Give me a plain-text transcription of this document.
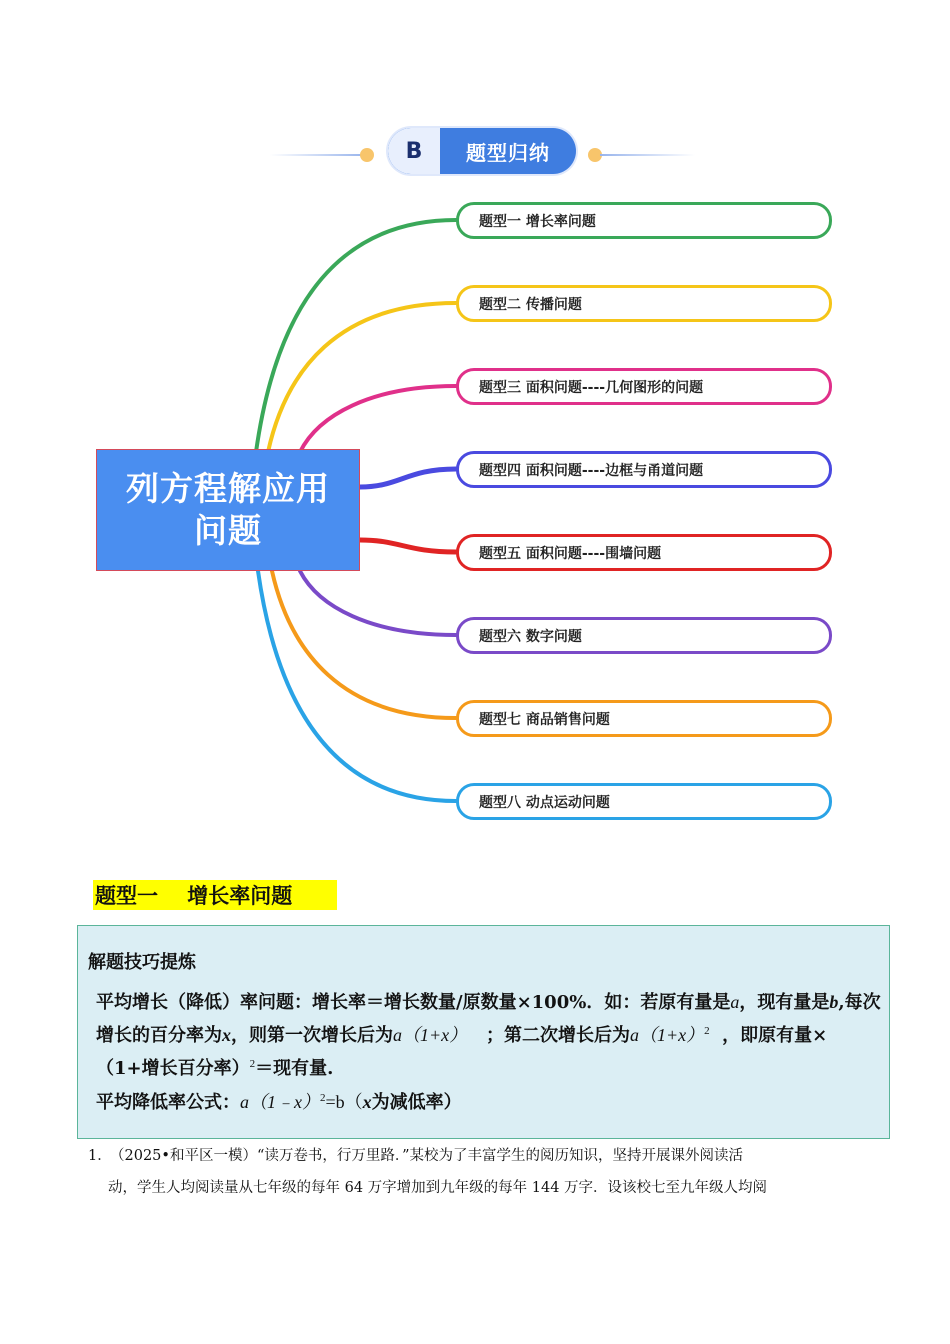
B	题型归纳
列方程解应用
问题
题型一 增长率问题
题型二 传播问题
题型三 面积问题----几何图形的问题
题型四 面积问题----边框与甬道问题
题型五 面积问题----围墙问题
题型六 数字问题
题型七 商品销售问题
题型八 动点运动问题
题型一    增长率问题
解题技巧提炼
平均增长（降低）率问题：增长率＝增长数量/原数量×100%．如：若原有量是a，现有量是b,每次增长的百分率为x，则第一次增长后为a（1+x） ；第二次增长后为$a(1+x)^2$ ，即原有量×（1+增长百分率）$^2$＝现有量.
平均降低率公式：a（1﹣x）$^2$=b（x为减低率）
1．
（2025•和平区一模）“读万卷书，行万里路．”某校为了丰富学生的阅历知识，坚持开展课外阅读活
动，学生人均阅读量从七年级的每年 64 万字增加到九年级的每年 144 万字．设该校七至九年级人均阅
